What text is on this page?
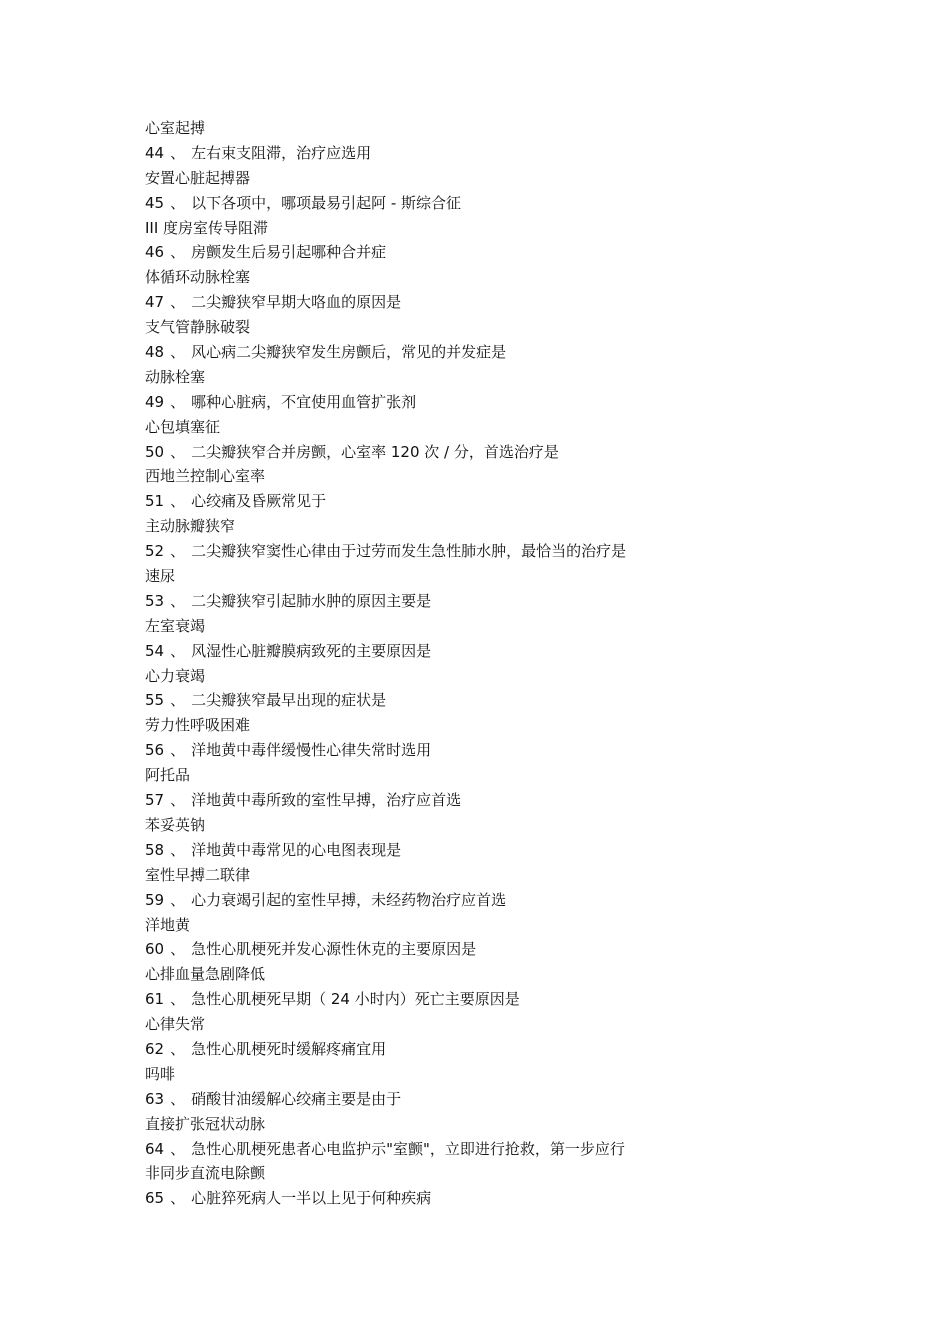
心室起搏
44 、 左右束支阻滞，治疗应选用
安置心脏起搏器
45 、 以下各项中，哪项最易引起阿 - 斯综合征
III 度房室传导阻滞
46 、 房颤发生后易引起哪种合并症
体循环动脉栓塞
47 、 二尖瓣狭窄早期大咯血的原因是
支气管静脉破裂
48 、 风心病二尖瓣狭窄发生房颤后，常见的并发症是
动脉栓塞
49 、 哪种心脏病，不宜使用血管扩张剂
心包填塞征
50 、 二尖瓣狭窄合并房颤，心室率 120 次 / 分，首选治疗是
西地兰控制心室率
51 、 心绞痛及昏厥常见于
主动脉瓣狭窄
52 、 二尖瓣狭窄窦性心律由于过劳而发生急性肺水肿，最恰当的治疗是
速尿
53 、 二尖瓣狭窄引起肺水肿的原因主要是
左室衰竭
54 、 风湿性心脏瓣膜病致死的主要原因是
心力衰竭
55 、 二尖瓣狭窄最早出现的症状是
劳力性呼吸困难
56 、 洋地黄中毒伴缓慢性心律失常时选用
阿托品
57 、 洋地黄中毒所致的室性早搏，治疗应首选
苯妥英钠
58 、 洋地黄中毒常见的心电图表现是
室性早搏二联律
59 、 心力衰竭引起的室性早搏，未经药物治疗应首选
洋地黄
60 、 急性心肌梗死并发心源性休克的主要原因是
心排血量急剧降低
61 、 急性心肌梗死早期（ 24 小时内）死亡主要原因是
心律失常
62 、 急性心肌梗死时缓解疼痛宜用
吗啡
63 、 硝酸甘油缓解心绞痛主要是由于
直接扩张冠状动脉
64 、 急性心肌梗死患者心电监护示"室颤"，立即进行抢救，第一步应行
非同步直流电除颤
65 、 心脏猝死病人一半以上见于何种疾病
